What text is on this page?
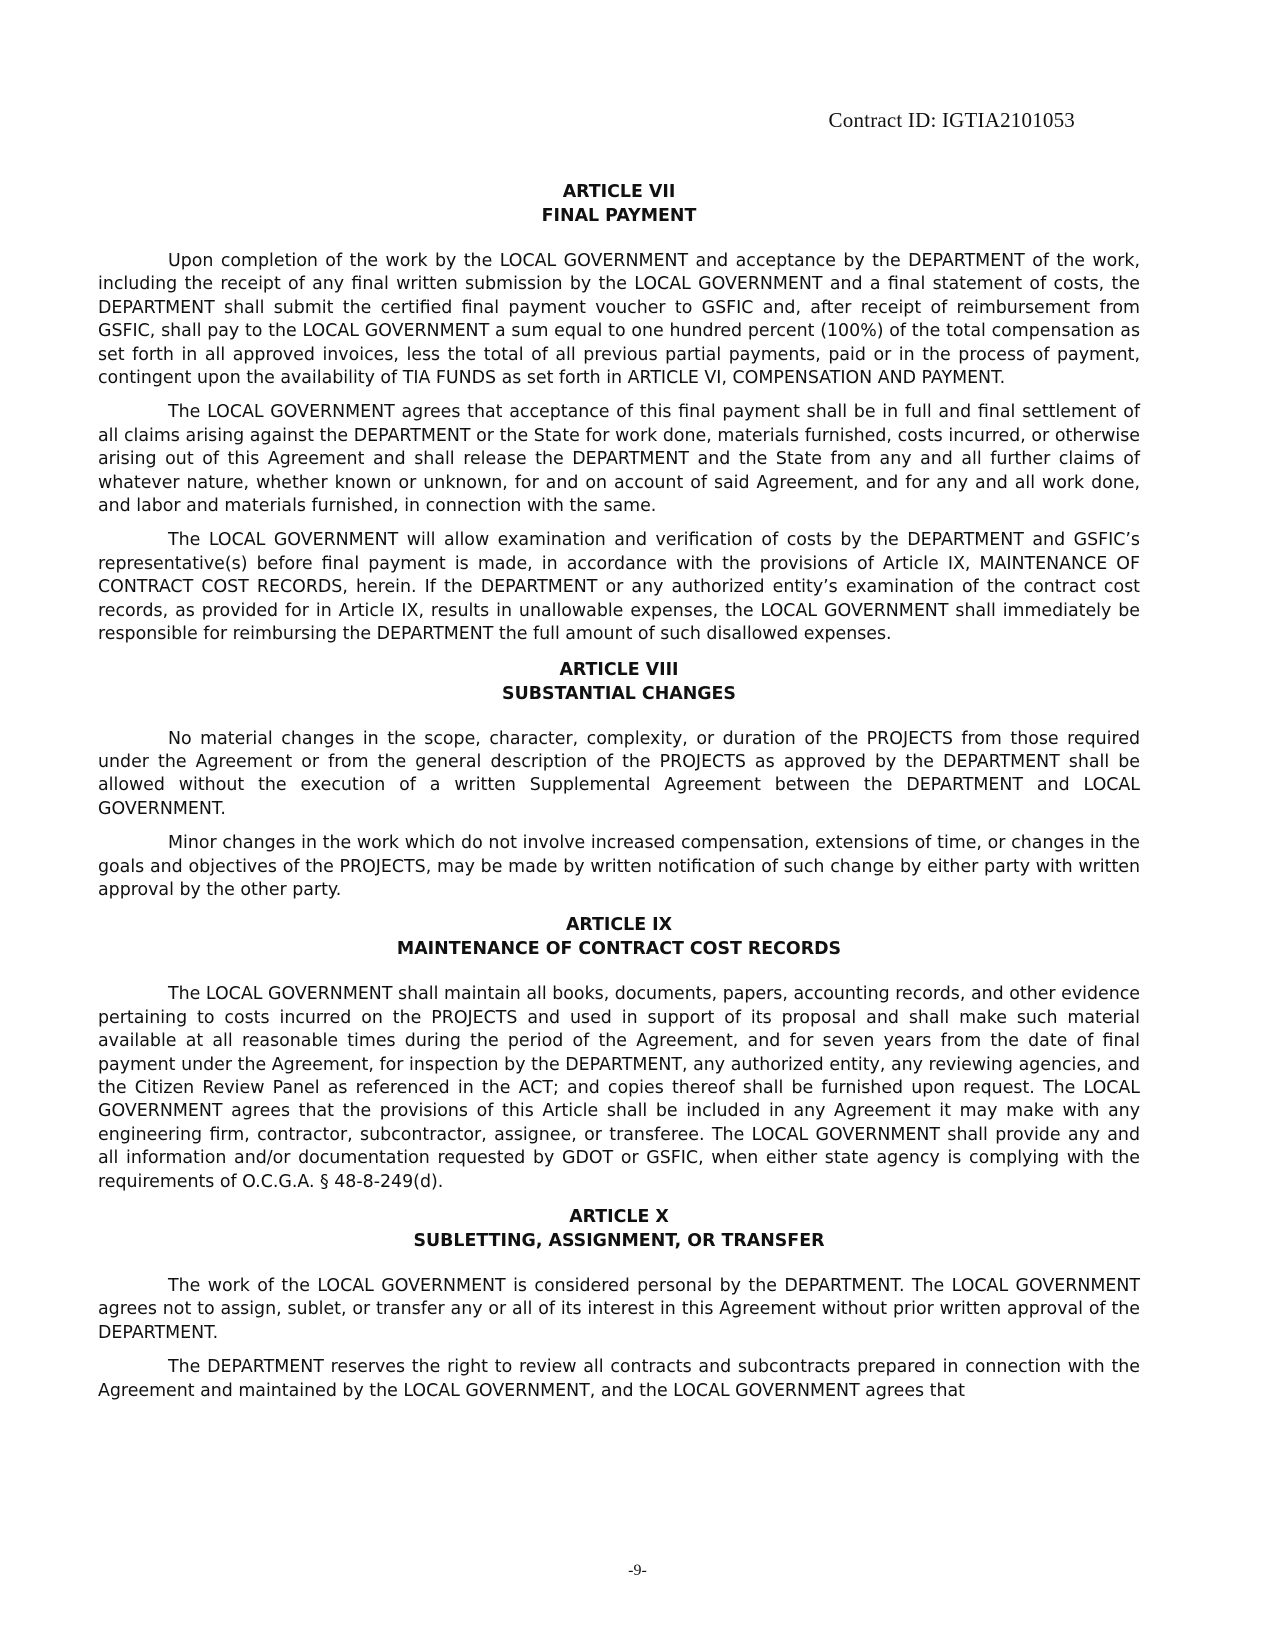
Contract ID: IGTIA2101053
ARTICLE VII
FINAL PAYMENT

Upon completion of the work by the LOCAL GOVERNMENT and acceptance by the DEPARTMENT of the work, including the receipt of any final written submission by the LOCAL GOVERNMENT and a final statement of costs, the DEPARTMENT shall submit the certified final payment voucher to GSFIC and, after receipt of reimbursement from GSFIC, shall pay to the LOCAL GOVERNMENT a sum equal to one hundred percent (100%) of the total compensation as set forth in all approved invoices, less the total of all previous partial payments, paid or in the process of payment, contingent upon the availability of TIA FUNDS as set forth in ARTICLE VI, COMPENSATION AND PAYMENT.

The LOCAL GOVERNMENT agrees that acceptance of this final payment shall be in full and final settlement of all claims arising against the DEPARTMENT or the State for work done, materials furnished, costs incurred, or otherwise arising out of this Agreement and shall release the DEPARTMENT and the State from any and all further claims of whatever nature, whether known or unknown, for and on account of said Agreement, and for any and all work done, and labor and materials furnished, in connection with the same.

The LOCAL GOVERNMENT will allow examination and verification of costs by the DEPARTMENT and GSFIC’s representative(s) before final payment is made, in accordance with the provisions of Article IX, MAINTENANCE OF CONTRACT COST RECORDS, herein. If the DEPARTMENT or any authorized entity’s examination of the contract cost records, as provided for in Article IX, results in unallowable expenses, the LOCAL GOVERNMENT shall immediately be responsible for reimbursing the DEPARTMENT the full amount of such disallowed expenses.

ARTICLE VIII
SUBSTANTIAL CHANGES

No material changes in the scope, character, complexity, or duration of the PROJECTS from those required under the Agreement or from the general description of the PROJECTS as approved by the DEPARTMENT shall be allowed without the execution of a written Supplemental Agreement between the DEPARTMENT and LOCAL GOVERNMENT.

Minor changes in the work which do not involve increased compensation, extensions of time, or changes in the goals and objectives of the PROJECTS, may be made by written notification of such change by either party with written approval by the other party.

ARTICLE IX
MAINTENANCE OF CONTRACT COST RECORDS

The LOCAL GOVERNMENT shall maintain all books, documents, papers, accounting records, and other evidence pertaining to costs incurred on the PROJECTS and used in support of its proposal and shall make such material available at all reasonable times during the period of the Agreement, and for seven years from the date of final payment under the Agreement, for inspection by the DEPARTMENT, any authorized entity, any reviewing agencies, and the Citizen Review Panel as referenced in the ACT; and copies thereof shall be furnished upon request. The LOCAL GOVERNMENT agrees that the provisions of this Article shall be included in any Agreement it may make with any engineering firm, contractor, subcontractor, assignee, or transferee. The LOCAL GOVERNMENT shall provide any and all information and/or documentation requested by GDOT or GSFIC, when either state agency is complying with the requirements of O.C.G.A. § 48-8-249(d).

ARTICLE X
SUBLETTING, ASSIGNMENT, OR TRANSFER

The work of the LOCAL GOVERNMENT is considered personal by the DEPARTMENT. The LOCAL GOVERNMENT agrees not to assign, sublet, or transfer any or all of its interest in this Agreement without prior written approval of the DEPARTMENT.

The DEPARTMENT reserves the right to review all contracts and subcontracts prepared in connection with the Agreement and maintained by the LOCAL GOVERNMENT, and the LOCAL GOVERNMENT agrees that

-9-
